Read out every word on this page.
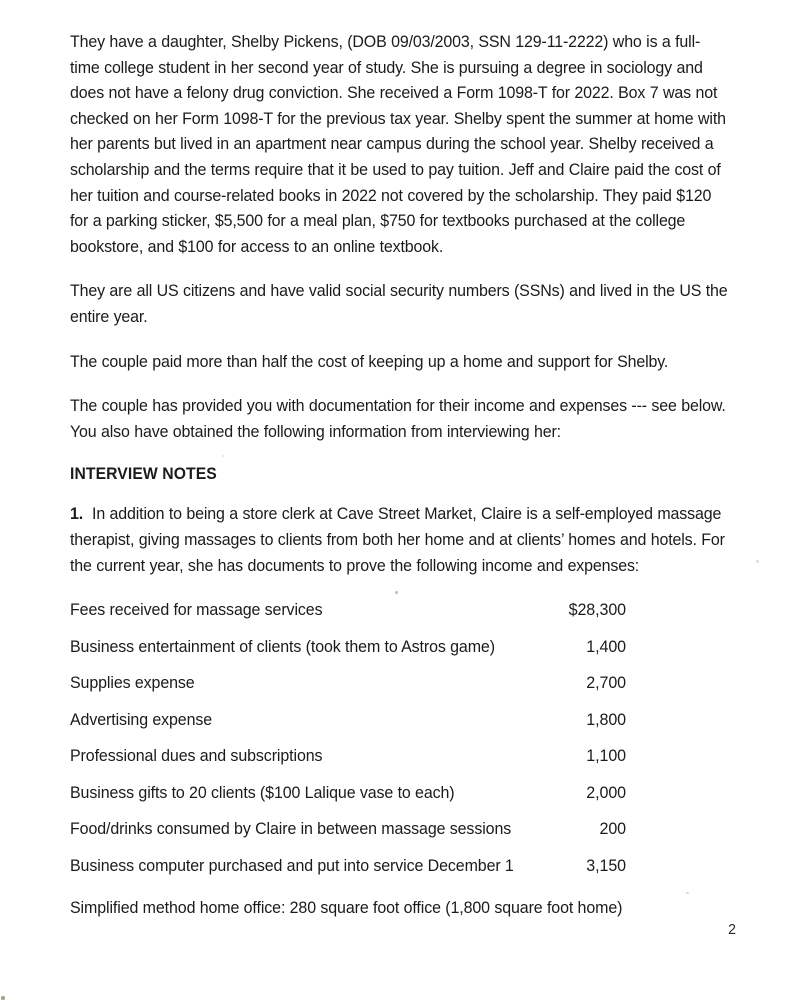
They have a daughter, Shelby Pickens, (DOB 09/03/2003, SSN 129-11-2222) who is a full-time college student in her second year of study. She is pursuing a degree in sociology and does not have a felony drug conviction. She received a Form 1098-T for 2022. Box 7 was not checked on her Form 1098-T for the previous tax year. Shelby spent the summer at home with her parents but lived in an apartment near campus during the school year. Shelby received a scholarship and the terms require that it be used to pay tuition. Jeff and Claire paid the cost of her tuition and course-related books in 2022 not covered by the scholarship. They paid $120 for a parking sticker, $5,500 for a meal plan, $750 for textbooks purchased at the college bookstore, and $100 for access to an online textbook.

They are all US citizens and have valid social security numbers (SSNs) and lived in the US the entire year.

The couple paid more than half the cost of keeping up a home and support for Shelby.

The couple has provided you with documentation for their income and expenses --- see below. You also have obtained the following information from interviewing her:

INTERVIEW NOTES

1. In addition to being a store clerk at Cave Street Market, Claire is a self-employed massage therapist, giving massages to clients from both her home and at clients’ homes and hotels. For the current year, she has documents to prove the following income and expenses:

Fees received for massage services	$28,300
Business entertainment of clients (took them to Astros game)	1,400
Supplies expense	2,700
Advertising expense	1,800
Professional dues and subscriptions	1,100
Business gifts to 20 clients ($100 Lalique vase to each)	2,000
Food/drinks consumed by Claire in between massage sessions	200
Business computer purchased and put into service December 1	3,150
Simplified method home office: 280 square foot office (1,800 square foot home)
2
